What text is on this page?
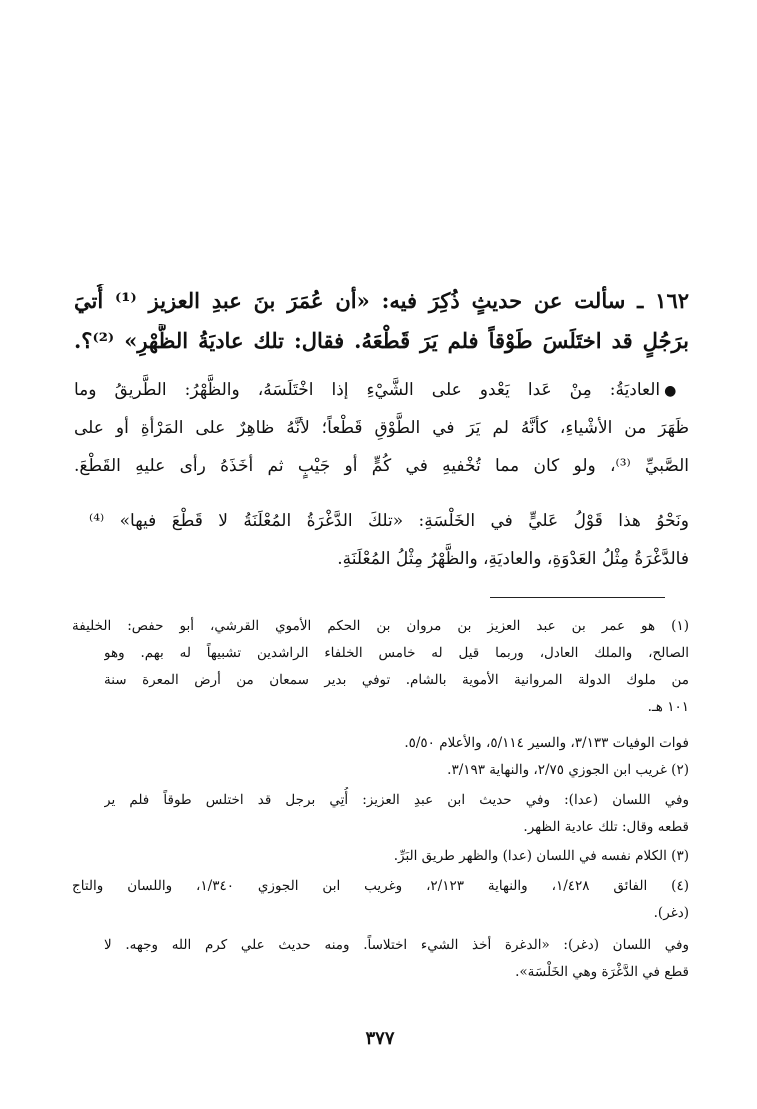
١٦٢ ـ سألت عن حديثٍ ذُكِرَ فيه: «أن عُمَرَ بنَ عبدِ العزيز ⁽¹⁾ أُتيَ
برَجُلٍ قد اختَلَسَ طَوْقاً فلم يَرَ قَطْعَهُ. فقال: تلك عاديَةُ الظَّهْرِ» ⁽²⁾؟.
●العاديَةُ: مِنْ عَدا يَعْدو على الشَّيْءِ إذا اخْتَلَسَهُ، والظَّهْرُ: الطَّريقُ وما
ظَهَرَ من الأشْياءِ، كأنَّهُ لم يَرَ في الطَّوْقِ قَطْعاً؛ لأنَّهُ ظاهِرٌ على المَرْأةِ أو على
الصَّبيِّ ⁽³⁾، ولو كان مما تُخْفيهِ في كُمٍّ أو جَيْبٍ ثم أخَذَهُ رأى عليهِ القَطْعَ.
ونَحْوُ هذا قَوْلُ عَليٍّ في الخَلْسَةِ: «تلكَ الدَّغْرَةُ المُعْلَنَةُ لا قَطْعَ فيها» ⁽⁴⁾
فالدَّغْرَةُ مِثْلُ العَدْوَةِ، والعاديَةِ، والظَّهْرُ مِثْلُ المُعْلَنَةِ.
(١) هو عمر بن عبد العزيز بن مروان بن الحكم الأموي القرشي، أبو حفص: الخليفة
الصالح، والملك العادل، وربما قيل له خامس الخلفاء الراشدين تشبيهاً له بهم. وهو
من ملوك الدولة المروانية الأموية بالشام. توفي بدير سمعان من أرض المعرة سنة
١٠١ هـ.
فوات الوفيات ٣/١٣٣، والسير ٥/١١٤، والأعلام ٥/٥٠.
(٢) غريب ابن الجوزي ٢/٧٥، والنهاية ٣/١٩٣.
وفي اللسان (عدا): وفي حديث ابن عبدِ العزيز: أُتِي برجل قد اختلس طوقاً فلم ير
قطعه وقال: تلك عادية الظهر.
(٣) الكلام نفسه في اللسان (عدا) والظهر طريق البَرِّ.
(٤) الفائق ١/٤٢٨، والنهاية ٢/١٢٣، وغريب ابن الجوزي ١/٣٤٠، واللسان والتاج
(دغر).
وفي اللسان (دغر): «الدغرة أخذ الشيء اختلاساً. ومنه حديث علي كرم الله وجهه. لا
قطع في الدَّغْرَة وهي الخَلْسَة».
٣٧٧
